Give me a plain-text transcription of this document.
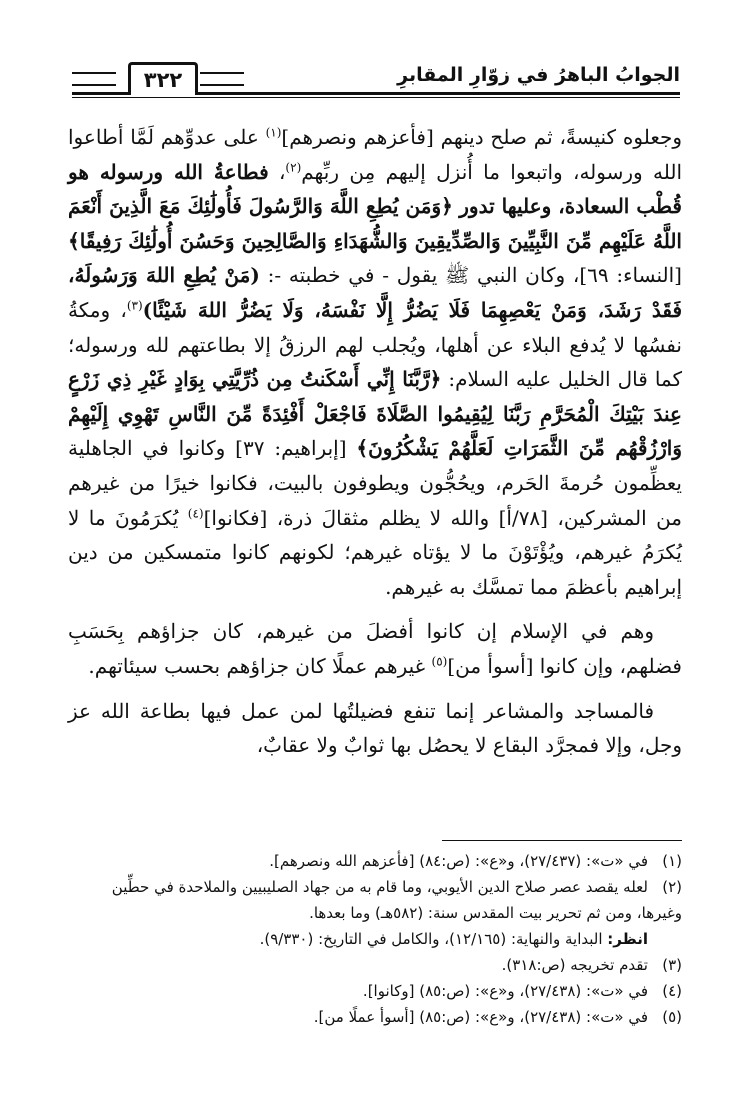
الجوابُ الباهرُ في زوّارِ المقابرِ
٣٢٢

وجعلوه كنيسةً، ثم صلح دينهم [فأعزهم ونصرهم]$^{(١)}$ على عدوِّهم لَمَّا أطاعوا الله ورسوله، واتبعوا ما أُنزل إليهم مِن ربِّهم$^{(٢)}$، فطاعةُ الله ورسوله هو قُطْب السعادة، وعليها تدور ﴿وَمَن يُطِعِ اللَّهَ وَالرَّسُولَ فَأُولَٰئِكَ مَعَ الَّذِينَ أَنْعَمَ اللَّهُ عَلَيْهِم مِّنَ النَّبِيِّينَ وَالصِّدِّيقِينَ وَالشُّهَدَاءِ وَالصَّالِحِينَ وَحَسُنَ أُولَٰئِكَ رَفِيقًا﴾ [النساء: ٦٩]، وكان النبي ﷺ يقول - في خطبته -: (مَنْ يُطِعِ اللهَ وَرَسُولَهُ، فَقَدْ رَشَدَ، وَمَنْ يَعْصِهِمَا فَلَا يَضُرُّ إِلَّا نَفْسَهُ، وَلَا يَضُرُّ اللهَ شَيْئًا)$^{(٣)}$، ومكةُ نفسُها لا يُدفع البلاء عن أهلها، ويُجلب لهم الرزقُ إلا بطاعتهم لله ورسوله؛ كما قال الخليل عليه السلام: ﴿رَّبَّنَا إِنِّي أَسْكَنتُ مِن ذُرِّيَّتِي بِوَادٍ غَيْرِ ذِي زَرْعٍ عِندَ بَيْتِكَ الْمُحَرَّمِ رَبَّنَا لِيُقِيمُوا الصَّلَاةَ فَاجْعَلْ أَفْئِدَةً مِّنَ النَّاسِ تَهْوِي إِلَيْهِمْ وَارْزُقْهُم مِّنَ الثَّمَرَاتِ لَعَلَّهُمْ يَشْكُرُونَ﴾ [إبراهيم: ٣٧] وكانوا في الجاهلية يعظِّمون حُرمةَ الحَرم، ويحُجُّون ويطوفون بالبيت، فكانوا خيرًا من غيرهم من المشركين، [٧٨/أ] والله لا يظلم مثقالَ ذرة، [فكانوا]$^{(٤)}$ يُكرَمُونَ ما لا يُكرَمُ غيرهم، ويُؤْتَوْنَ ما لا يؤتاه غيرهم؛ لكونهم كانوا متمسكين من دين إبراهيم بأعظمَ مما تمسَّك به غيرهم.

وهم في الإسلام إن كانوا أفضلَ من غيرهم، كان جزاؤهم بِحَسَبِ فضلهم، وإن كانوا [أسوأ من]$^{(٥)}$ غيرهم عملًا كان جزاؤهم بحسب سيئاتهم.

فالمساجد والمشاعر إنما تنفع فضيلتُها لمن عمل فيها بطاعة الله عز وجل، وإلا فمجرَّد البقاع لا يحصُل بها ثوابٌ ولا عقابٌ،

(١)في «ت»: (٢٧/٤٣٧)، و«ع»: (ص:٨٤) [فأعزهم الله ونصرهم].

(٢)لعله يقصد عصر صلاح الدين الأيوبي، وما قام به من جهاد الصليبيين والملاحدة في حطِّين وغيرها، ومن ثم تحرير بيت المقدس سنة: (٥٨٢هـ) وما بعدها.

انظر: البداية والنهاية: (١٢/١٦٥)، والكامل في التاريخ: (٩/٣٣٠).

(٣)تقدم تخريجه (ص:٣١٨).

(٤)في «ت»: (٢٧/٤٣٨)، و«ع»: (ص:٨٥) [وكانوا].

(٥)في «ت»: (٢٧/٤٣٨)، و«ع»: (ص:٨٥) [أسوأ عملًا من].
